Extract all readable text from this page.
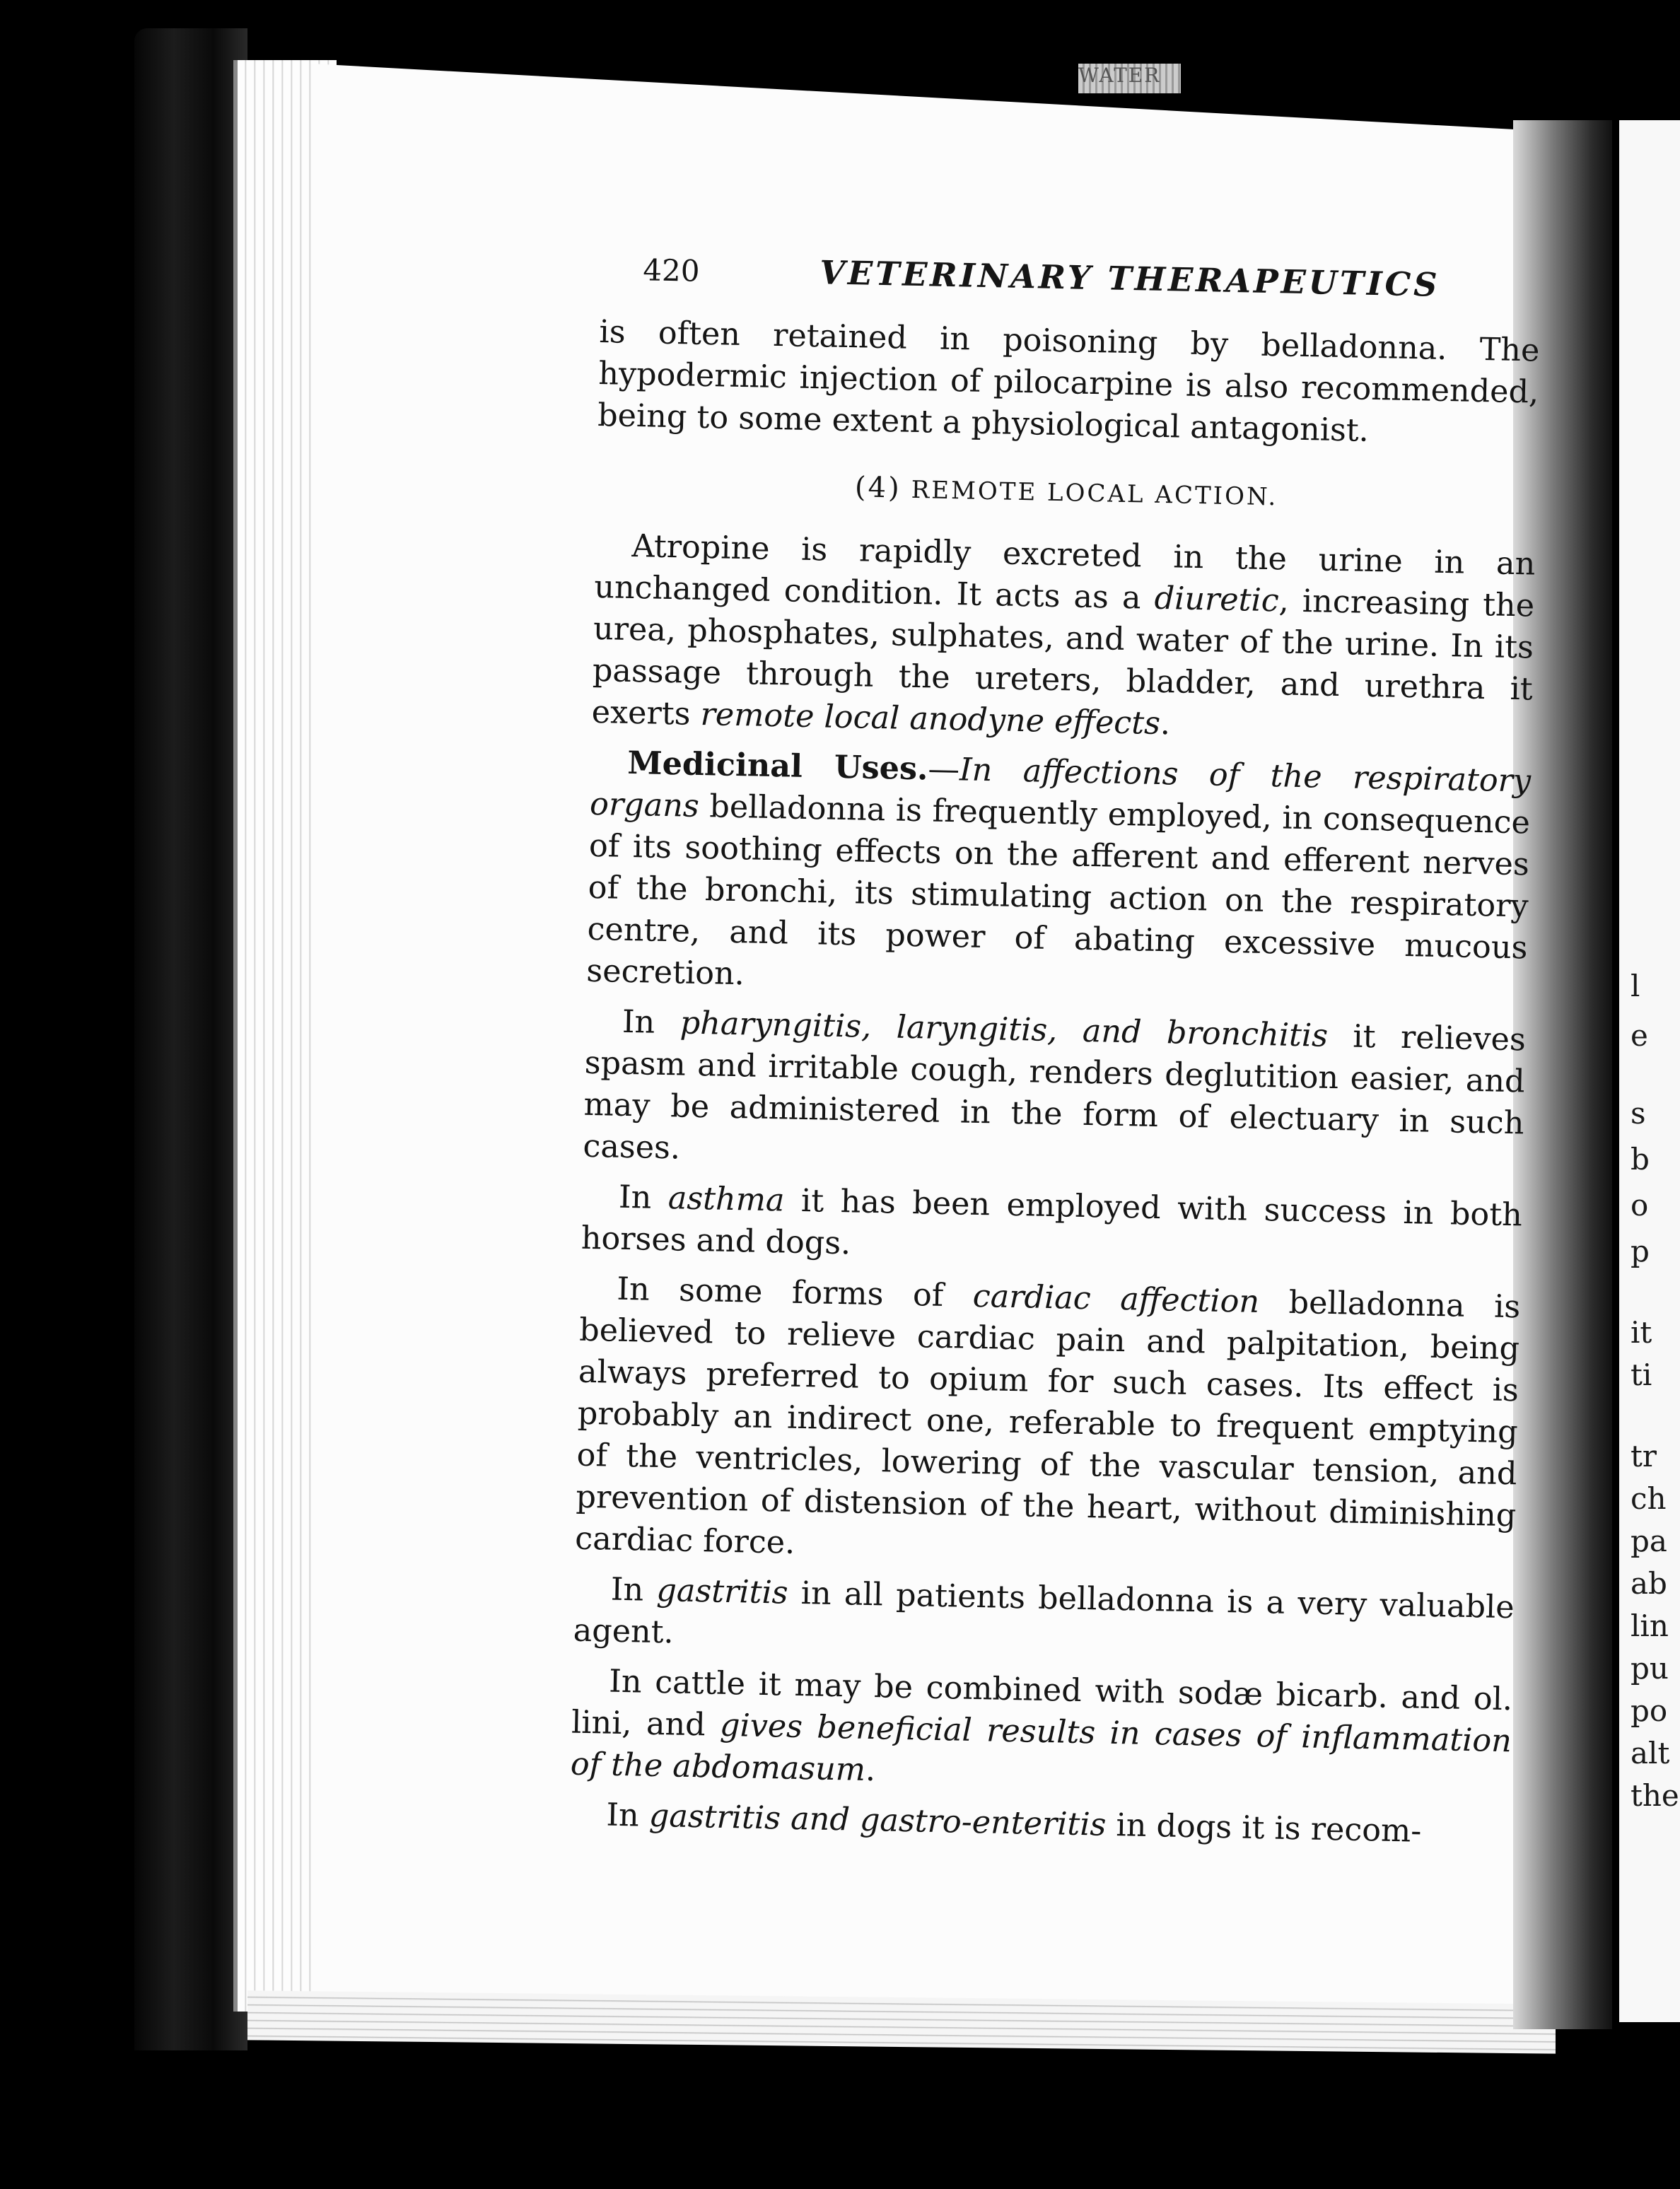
WATER
l
e
s
b
o
p
it
ti
tr
ch
pa
ab
lin
pu
po
alt
the
420	VETERINARY THERAPEUTICS

is often retained in poisoning by belladonna. The hypodermic injection of pilocarpine is also recommended, being to some extent a physiological antagonist.

(4) REMOTE LOCAL ACTION.

Atropine is rapidly excreted in the urine in an unchanged condition. It acts as a diuretic, increasing the urea, phosphates, sulphates, and water of the urine. In its passage through the ureters, bladder, and urethra it exerts remote local anodyne effects.

Medicinal Uses.—In affections of the respiratory organs belladonna is frequently employed, in consequence of its soothing effects on the afferent and efferent nerves of the bronchi, its stimulating action on the respiratory centre, and its power of abating excessive mucous secretion.

In pharyngitis, laryngitis, and bronchitis it relieves spasm and irritable cough, renders deglutition easier, and may be administered in the form of electuary in such cases.

In asthma it has been employed with success in both horses and dogs.

In some forms of cardiac affection belladonna is believed to relieve cardiac pain and palpitation, being always preferred to opium for such cases. Its effect is probably an indirect one, referable to frequent emptying of the ventricles, lowering of the vascular tension, and prevention of distension of the heart, without diminishing cardiac force.

In gastritis in all patients belladonna is a very valuable agent.

In cattle it may be combined with sodæ bicarb. and ol. lini, and gives beneficial results in cases of inflammation of the abdomasum.

In gastritis and gastro-enteritis in dogs it is recom-
